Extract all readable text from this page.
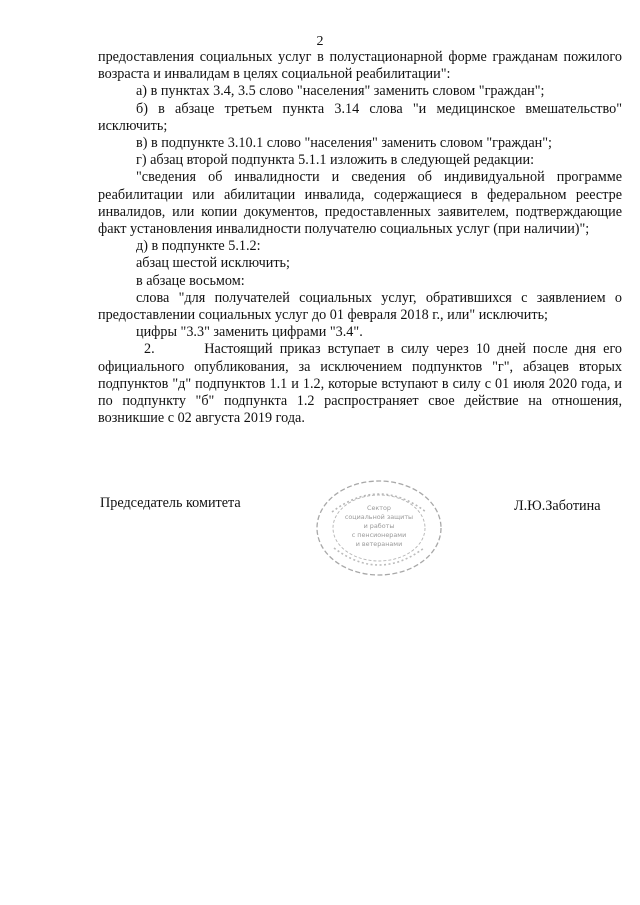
2

предоставления социальных услуг в полустационарной форме гражданам пожилого возраста и инвалидам в целях социальной реабилитации":

а) в пунктах 3.4, 3.5 слово "населения" заменить словом "граждан";

б) в абзаце третьем пункта 3.14 слова "и медицинское вмешательство" исключить;

в) в подпункте 3.10.1 слово "населения" заменить словом "граждан";

г) абзац второй подпункта 5.1.1 изложить в следующей редакции:

"сведения об инвалидности и сведения об индивидуальной программе реабилитации или абилитации инвалида, содержащиеся в федеральном реестре инвалидов, или копии документов, предоставленных заявителем, подтверждающие факт установления инвалидности получателю социальных услуг (при наличии)";

д) в подпункте 5.1.2:

абзац шестой исключить;

в абзаце восьмом:

слова "для получателей социальных услуг, обратившихся с заявлением о предоставлении социальных услуг до 01 февраля 2018 г., или" исключить;

цифры "3.3" заменить цифрами "3.4".

2.       Настоящий приказ вступает в силу через 10 дней после дня его официального опубликования, за исключением подпунктов "г", абзацев вторых подпунктов "д" подпунктов 1.1 и 1.2, которые вступают в силу с 01 июля 2020 года, и по подпункту "б" подпункта 1.2 распространяет свое действие на отношения, возникшие с 02 августа 2019 года.

Председатель комитета	Сектор
социальной защиты
и работы
с пенсионерами
и ветеранами
Л.Ю.Заботина
